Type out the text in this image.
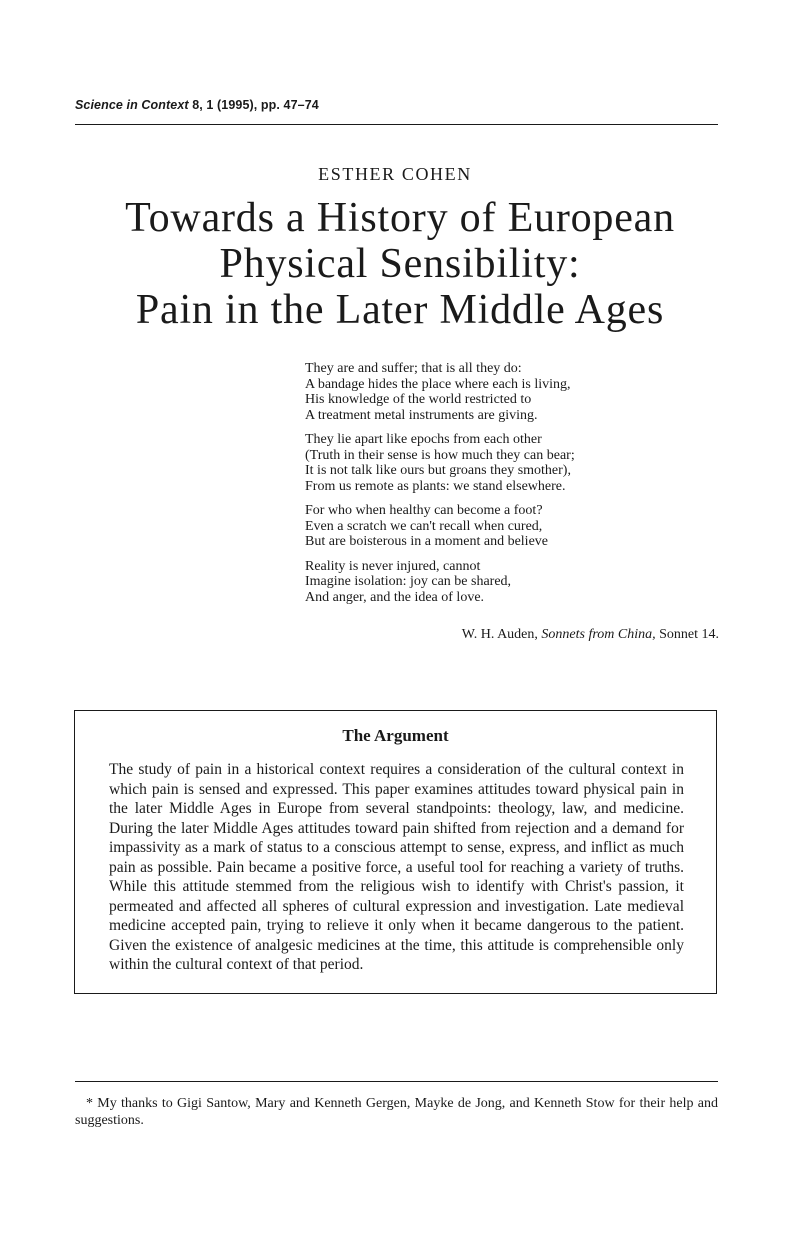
Science in Context 8, 1 (1995), pp. 47–74
ESTHER COHEN
Towards a History of European
Physical Sensibility:
Pain in the Later Middle Ages
They are and suffer; that is all they do:
A bandage hides the place where each is living,
His knowledge of the world restricted to
A treatment metal instruments are giving.
They lie apart like epochs from each other
(Truth in their sense is how much they can bear;
It is not talk like ours but groans they smother),
From us remote as plants: we stand elsewhere.
For who when healthy can become a foot?
Even a scratch we can't recall when cured,
But are boisterous in a moment and believe
Reality is never injured, cannot
Imagine isolation: joy can be shared,
And anger, and the idea of love.
W. H. Auden, Sonnets from China, Sonnet 14.
The Argument
The study of pain in a historical context requires a consideration of the cultural context in which pain is sensed and expressed. This paper examines attitudes toward physical pain in the later Middle Ages in Europe from several standpoints: theology, law, and medicine. During the later Middle Ages attitudes toward pain shifted from rejection and a demand for impassivity as a mark of status to a conscious attempt to sense, express, and inflict as much pain as possible. Pain became a positive force, a useful tool for reaching a variety of truths. While this attitude stemmed from the religious wish to identify with Christ's passion, it permeated and affected all spheres of cultural expression and investigation. Late medieval medicine accepted pain, trying to relieve it only when it became dangerous to the patient. Given the existence of analgesic medicines at the time, this attitude is comprehensible only within the cultural context of that period.
* My thanks to Gigi Santow, Mary and Kenneth Gergen, Mayke de Jong, and Kenneth Stow for their help and suggestions.
